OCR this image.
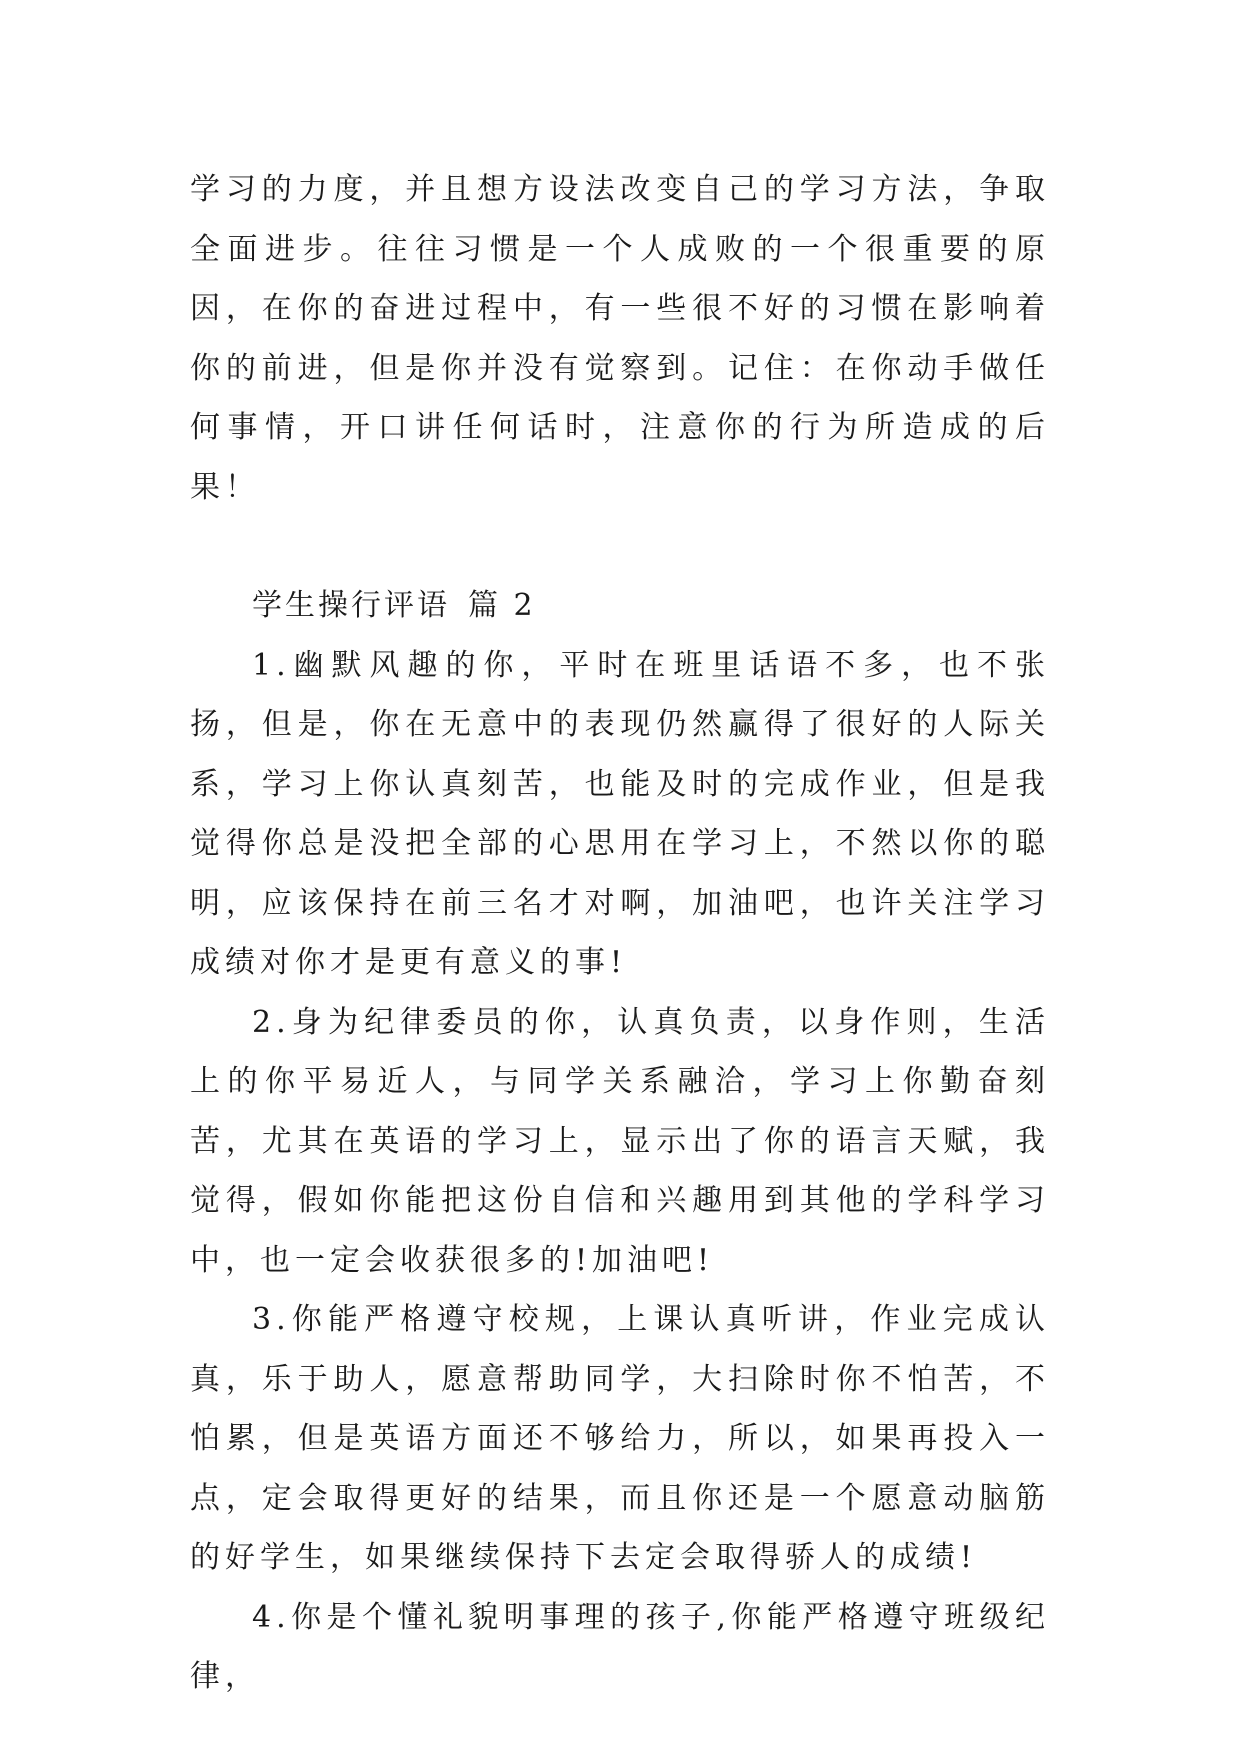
学习的力度，并且想方设法改变自己的学习方法，争取全面进步。往往习惯是一个人成败的一个很重要的原因，在你的奋进过程中，有一些很不好的习惯在影响着你的前进，但是你并没有觉察到。记住：在你动手做任何事情，开口讲任何话时，注意你的行为所造成的后果！

学生操行评语 篇 2

1.幽默风趣的你，平时在班里话语不多，也不张扬，但是，你在无意中的表现仍然赢得了很好的人际关系，学习上你认真刻苦，也能及时的完成作业，但是我觉得你总是没把全部的心思用在学习上，不然以你的聪明，应该保持在前三名才对啊，加油吧，也许关注学习成绩对你才是更有意义的事!

2.身为纪律委员的你，认真负责，以身作则，生活上的你平易近人，与同学关系融洽，学习上你勤奋刻苦，尤其在英语的学习上，显示出了你的语言天赋，我觉得，假如你能把这份自信和兴趣用到其他的学科学习中，也一定会收获很多的!加油吧!

3.你能严格遵守校规，上课认真听讲，作业完成认真，乐于助人，愿意帮助同学，大扫除时你不怕苦，不怕累，但是英语方面还不够给力，所以，如果再投入一点，定会取得更好的结果，而且你还是一个愿意动脑筋的好学生，如果继续保持下去定会取得骄人的成绩!

4.你是个懂礼貌明事理的孩子,你能严格遵守班级纪律，
